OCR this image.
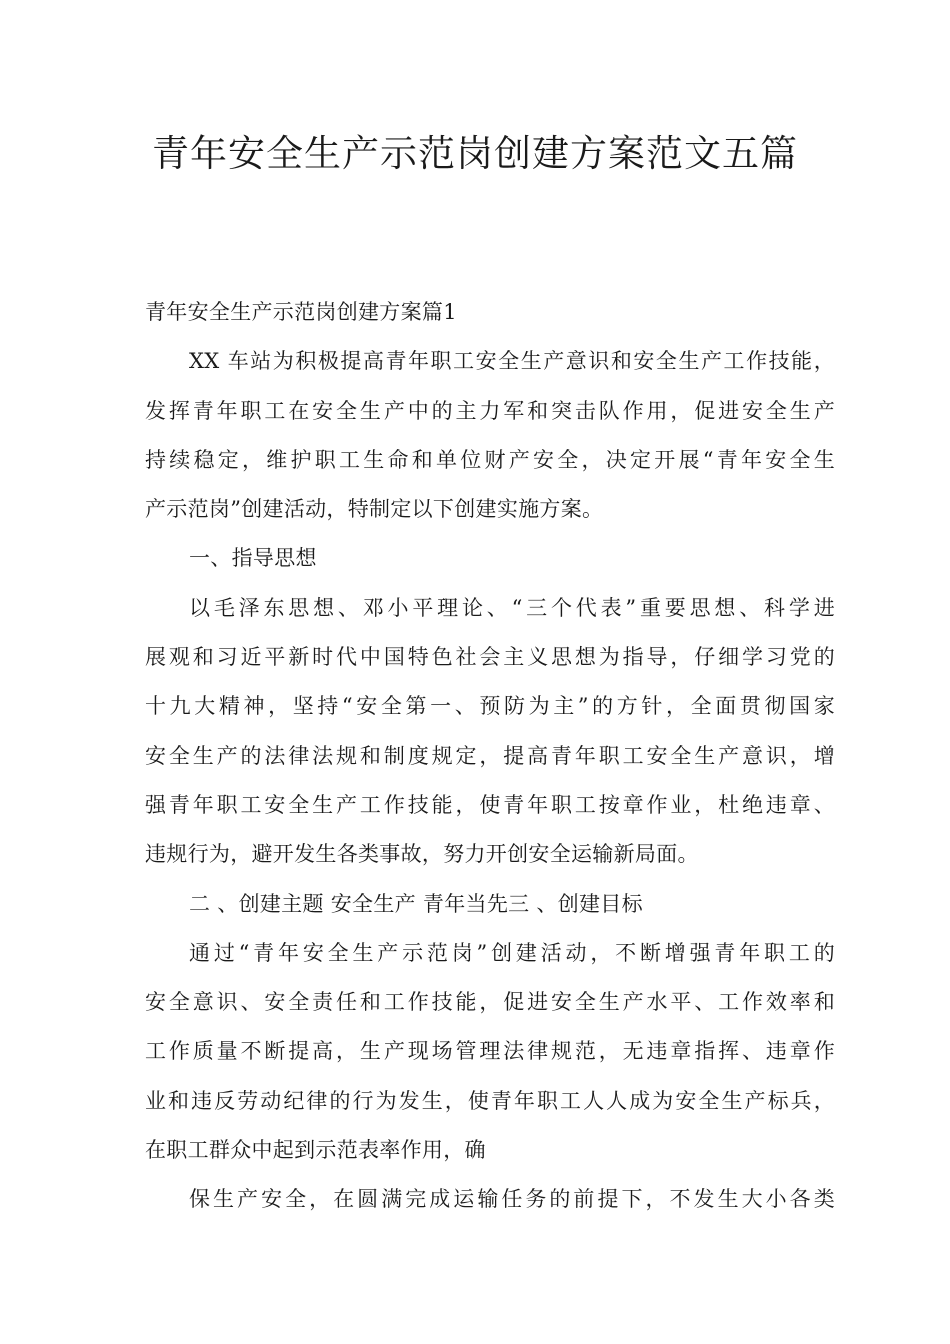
青年安全生产示范岗创建方案范文五篇

青年安全生产示范岗创建方案篇1

XX 车站为积极提高青年职工安全生产意识和安全生产工作技能，

发挥青年职工在安全生产中的主力军和突击队作用，促进安全生产

持续稳定，维护职工生命和单位财产安全，决定开展“青年安全生

产示范岗”创建活动，特制定以下创建实施方案。

一、指导思想

以毛泽东思想、邓小平理论、“三个代表”重要思想、科学进

展观和习近平新时代中国特色社会主义思想为指导，仔细学习党的

十九大精神，坚持“安全第一、预防为主”的方针，全面贯彻国家

安全生产的法律法规和制度规定，提高青年职工安全生产意识，增

强青年职工安全生产工作技能，使青年职工按章作业，杜绝违章、

违规行为，避开发生各类事故，努力开创安全运输新局面。

二 、创建主题 安全生产 青年当先三 、创建目标

通过“青年安全生产示范岗”创建活动，不断增强青年职工的

安全意识、安全责任和工作技能，促进安全生产水平、工作效率和

工作质量不断提高，生产现场管理法律规范，无违章指挥、违章作

业和违反劳动纪律的行为发生，使青年职工人人成为安全生产标兵，

在职工群众中起到示范表率作用，确

保生产安全，在圆满完成运输任务的前提下，不发生大小各类
